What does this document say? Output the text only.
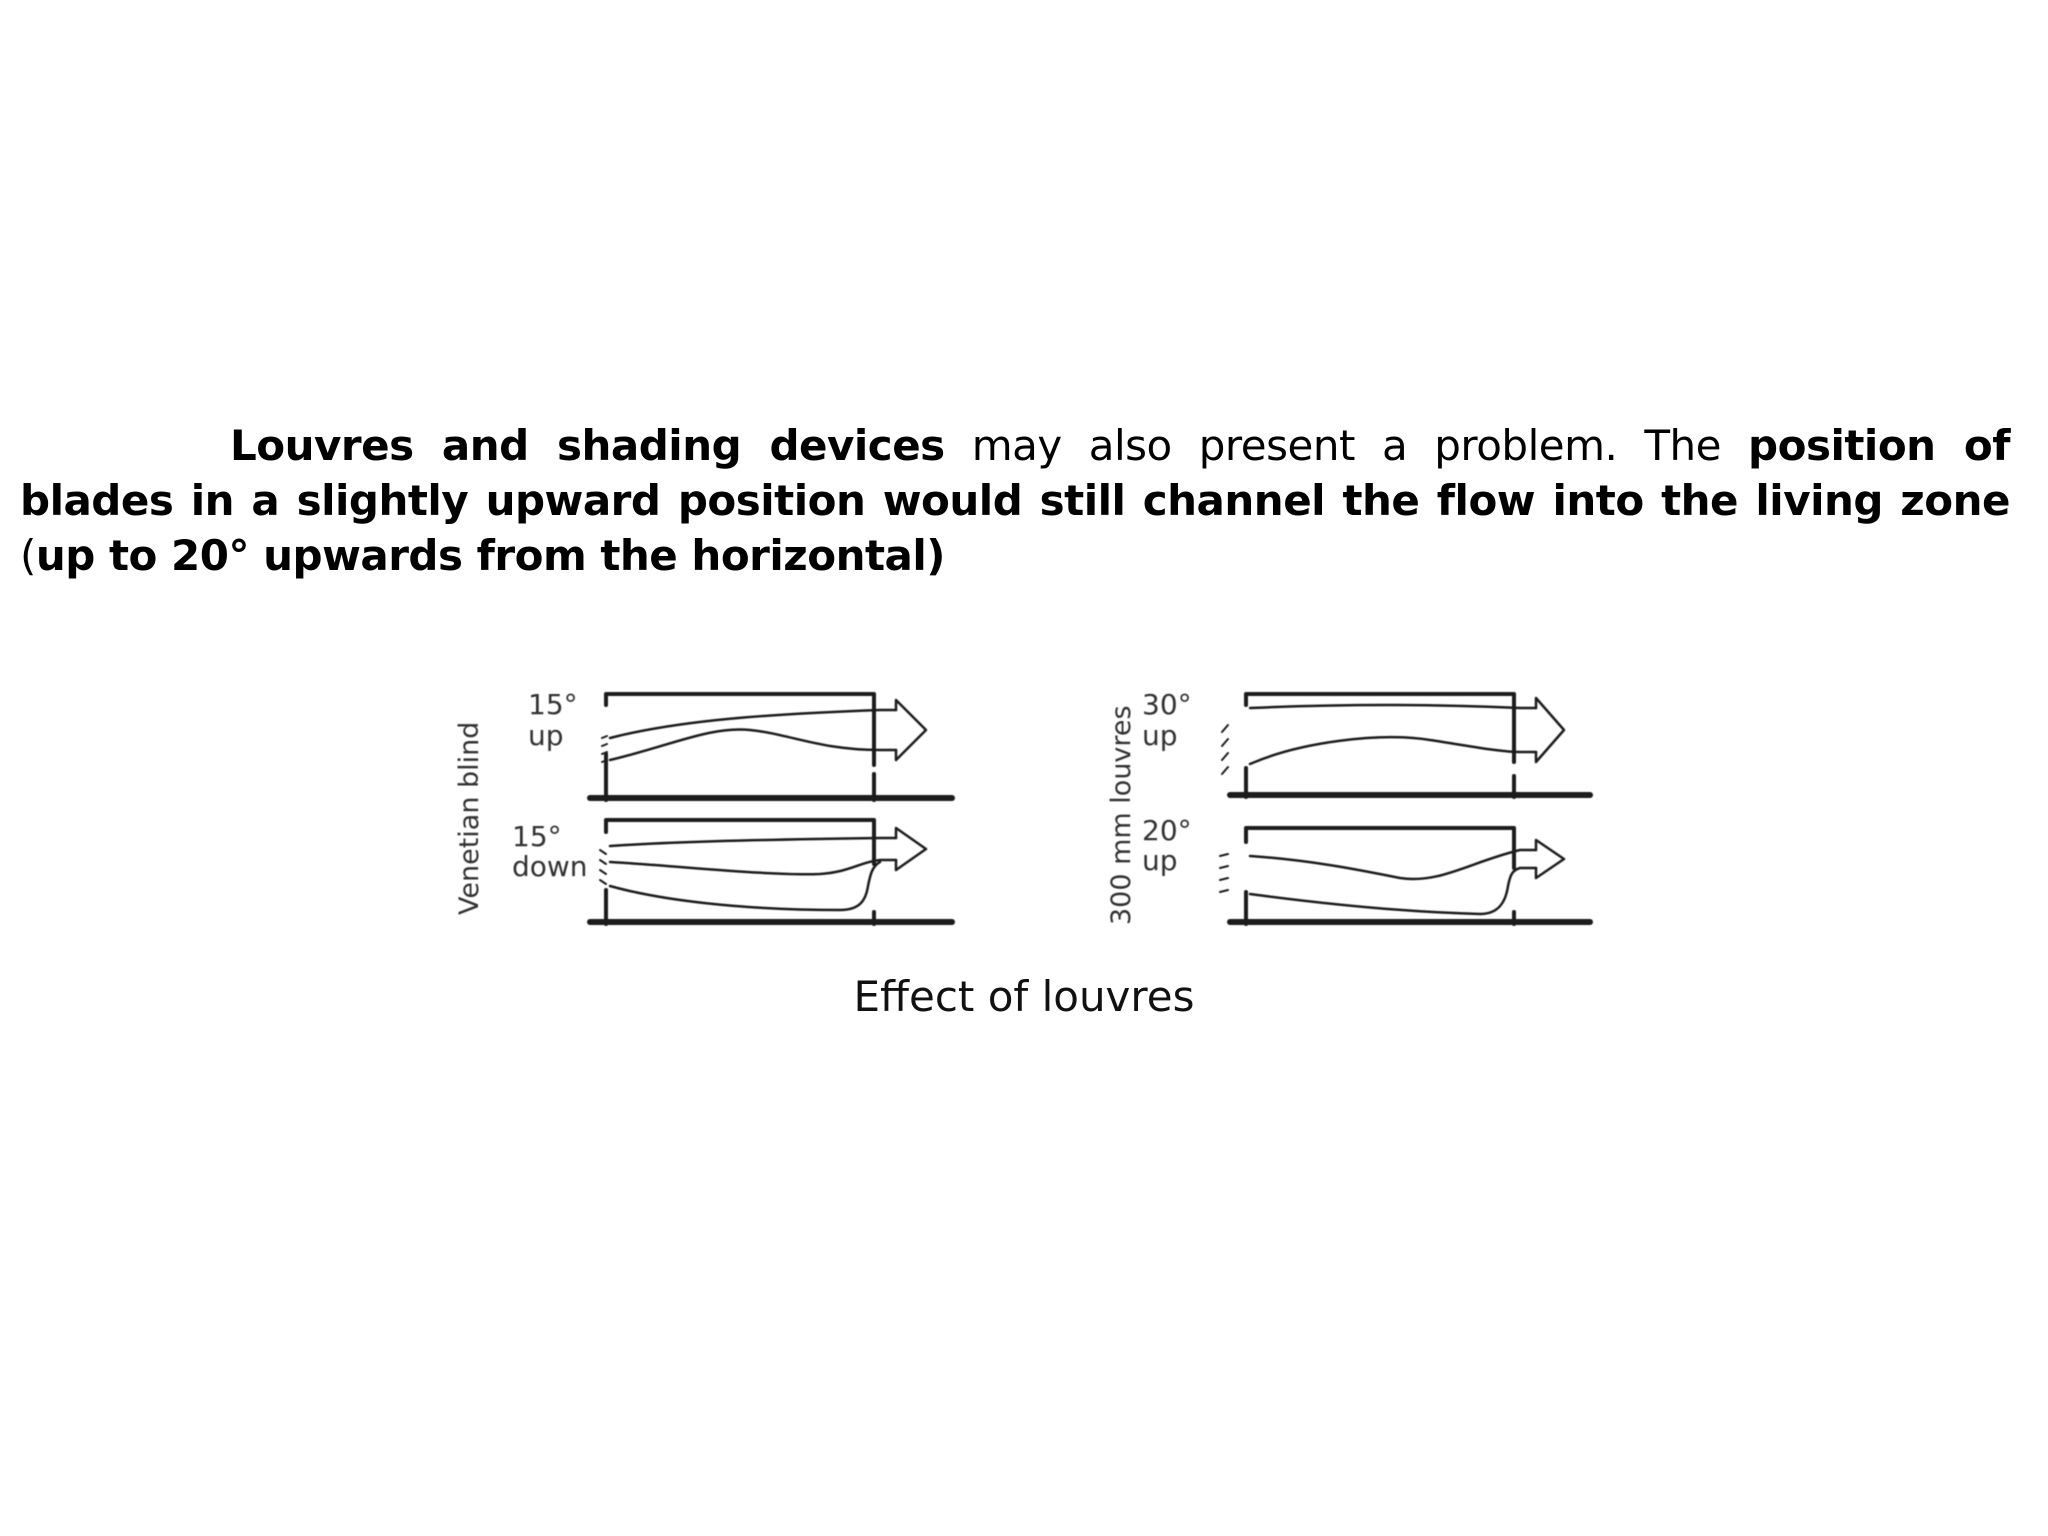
Louvres and shading devices may also present a problem. The position of blades in a slightly upward position would still channel the flow into the living zone (up to 20° upwards from the horizontal)

Venetian blind
15°
up
15°
down	300 mm louvres
30°
up
20°
up

Effect of louvres
